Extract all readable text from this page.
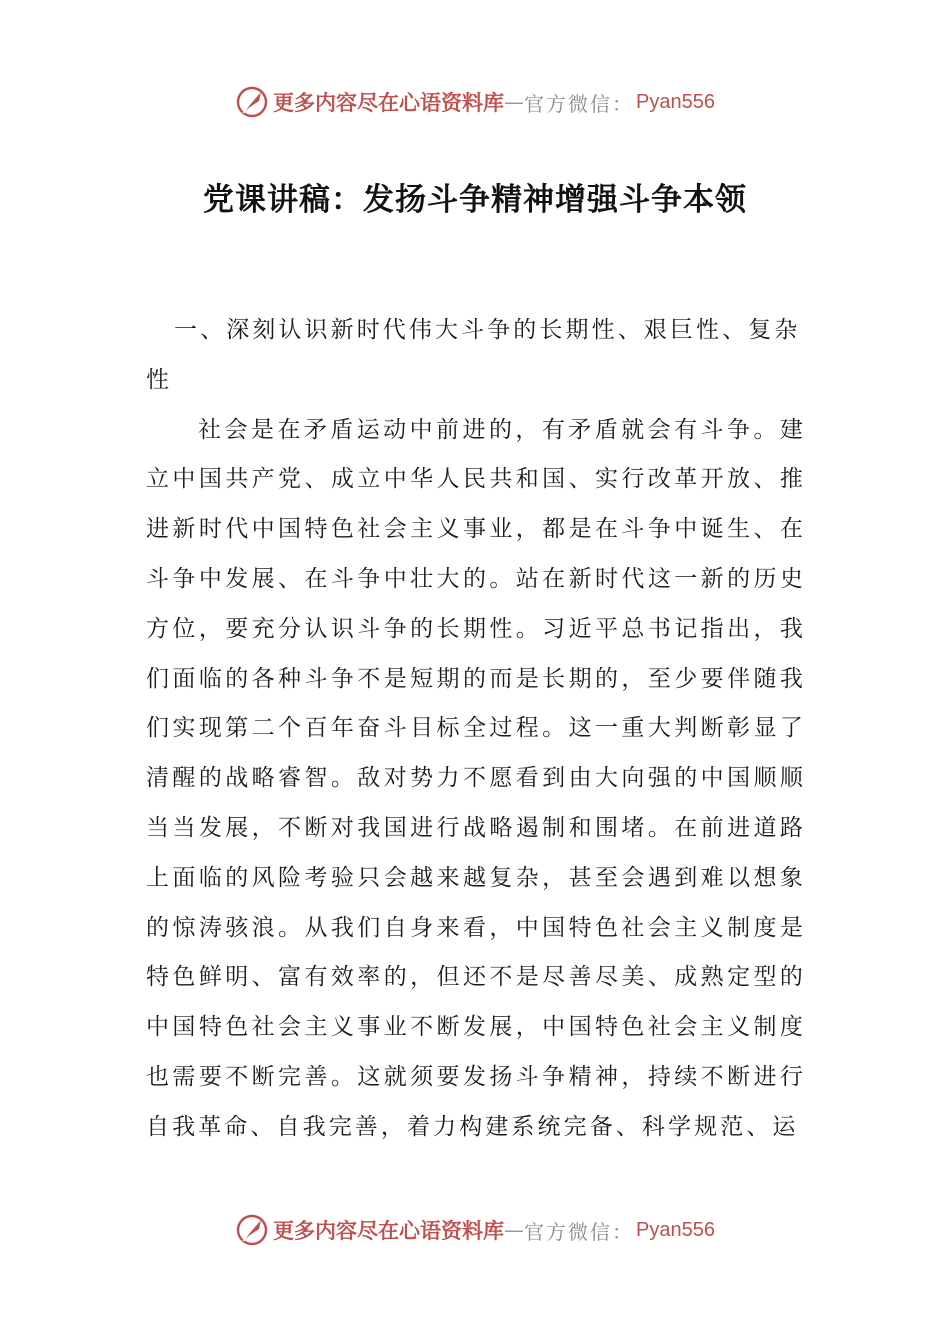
更多内容尽在心语资料库 — 官方微信： Pyan556
党课讲稿：发扬斗争精神增强斗争本领

一、深刻认识新时代伟大斗争的长期性、艰巨性、复杂性

社会是在矛盾运动中前进的，有矛盾就会有斗争。建立中国共产党、成立中华人民共和国、实行改革开放、推进新时代中国特色社会主义事业，都是在斗争中诞生、在斗争中发展、在斗争中壮大的。站在新时代这一新的历史方位，要充分认识斗争的长期性。习近平总书记指出，我们面临的各种斗争不是短期的而是长期的，至少要伴随我们实现第二个百年奋斗目标全过程。这一重大判断彰显了清醒的战略睿智。敌对势力不愿看到由大向强的中国顺顺当当发展，不断对我国进行战略遏制和围堵。在前进道路上面临的风险考验只会越来越复杂，甚至会遇到难以想象的惊涛骇浪。从我们自身来看，中国特色社会主义制度是特色鲜明、富有效率的，但还不是尽善尽美、成熟定型的中国特色社会主义事业不断发展，中国特色社会主义制度也需要不断完善。这就须要发扬斗争精神，持续不断进行自我革命、自我完善，着力构建系统完备、科学规范、运

更多内容尽在心语资料库 — 官方微信： Pyan556
